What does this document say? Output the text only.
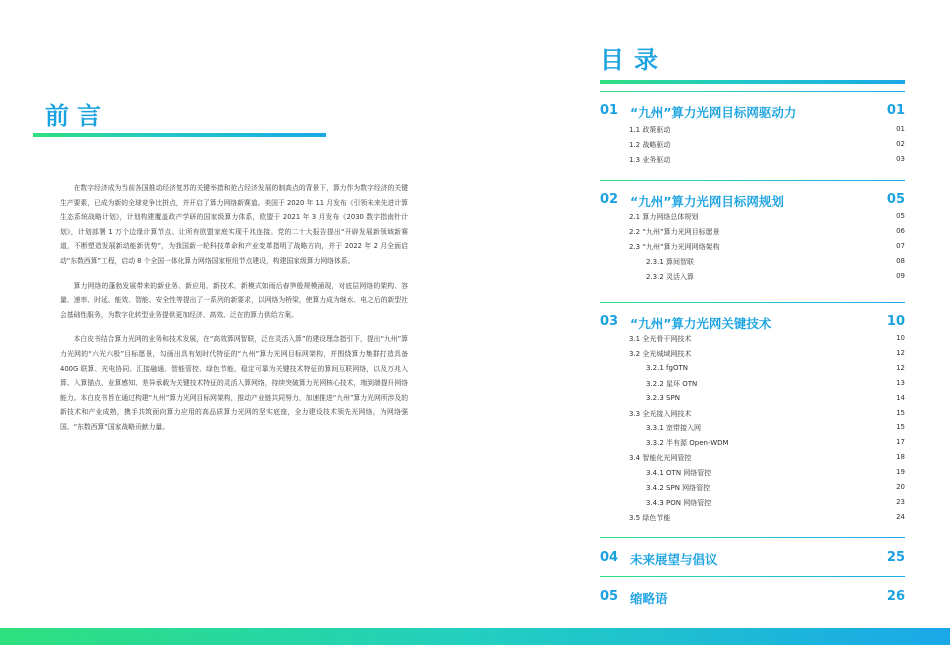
前言

在数字经济成为当前各国推动经济复苏的关键举措和抢占经济发展的制高点的背景下，算力作为数字经济的关键生产要素，已成为新的全球竞争比拼点，并开启了算力网络新赛道。美国于 2020 年 11 月发布《引领未来先进计算生态系统战略计划》，计划构建覆盖政产学研的国家级算力体系，欧盟于 2021 年 3 月发布《2030 数字指南针计划》，计划部署 1 万个边缘计算节点、让所有欧盟家庭实现千兆连接。党的二十大报告提出“开辟发展新领域新赛道，不断塑造发展新动能新优势”，为我国新一轮科技革命和产业变革指明了战略方向，并于 2022 年 2 月全面启动“东数西算”工程，启动 8 个全国一体化算力网络国家枢纽节点建设，构建国家级算力网络体系。

算力网络的蓬勃发展带来的新业务、新应用、新技术、新模式如雨后春笋般规模涌现，对底层网络的架构、容量、速率、时延、能效、智能、安全性等提出了一系列的新要求，以网络为桥梁，使算力成为继水、电之后的新型社会基础性服务，为数字化转型业务提供更加经济、高效、泛在的算力供给方案。

本白皮书结合算力光网的业务和技术发展，在“高效算网智联，泛在灵活入算”的建设理念指引下，提出“九州”算力光网的“六光六极”目标愿景，勾画出具有划时代特征的“九州”算力光网目标网架构，并围绕算力集群打造具备 400G 联算、光电协同、汇接融通、智能管控、绿色节能、稳定可靠为关键技术特征的算间互联网络，以及万兆入算、入算锚点、业算感知、差异承载为关键技术特征的灵活入算网络，持续突破算力光网核心技术，端到端提升网络能力。本白皮书旨在通过构建“九州”算力光网目标网架构，推动产业链共同努力，加速推进“九州”算力光网所涉及的新技术和产业成熟，携手共筑面向算力应用的高品质算力光网的坚实底座，全力建设技术领先光网络，为网络强国、“东数西算”国家战略贡献力量。

目录
01 “九州”算力光网目标网驱动力	01
1.1 政策驱动	01
1.2 战略驱动	02
1.3 业务驱动	03
02 “九州”算力光网目标网规划	05
2.1 算力网络总体规划	05
2.2 “九州”算力光网目标愿景	06
2.3 “九州”算力光网网络架构	07
2.3.1 算间智联	08
2.3.2 灵活入算	09
03 “九州”算力光网关键技术	10
3.1 全光骨干网技术	10
3.2 全光城域网技术	12
3.2.1 fgOTN	12
3.2.2 星环 OTN	13
3.2.3 SPN	14
3.3 全光接入网技术	15
3.3.1 宽带接入网	15
3.3.2 半有源 Open-WDM	17
3.4 智能化光网管控	18
3.4.1 OTN 网络管控	19
3.4.2 SPN 网络管控	20
3.4.3 PON 网络管控	23
3.5 绿色节能	24
04 未来展望与倡议	25
05 缩略语	26
